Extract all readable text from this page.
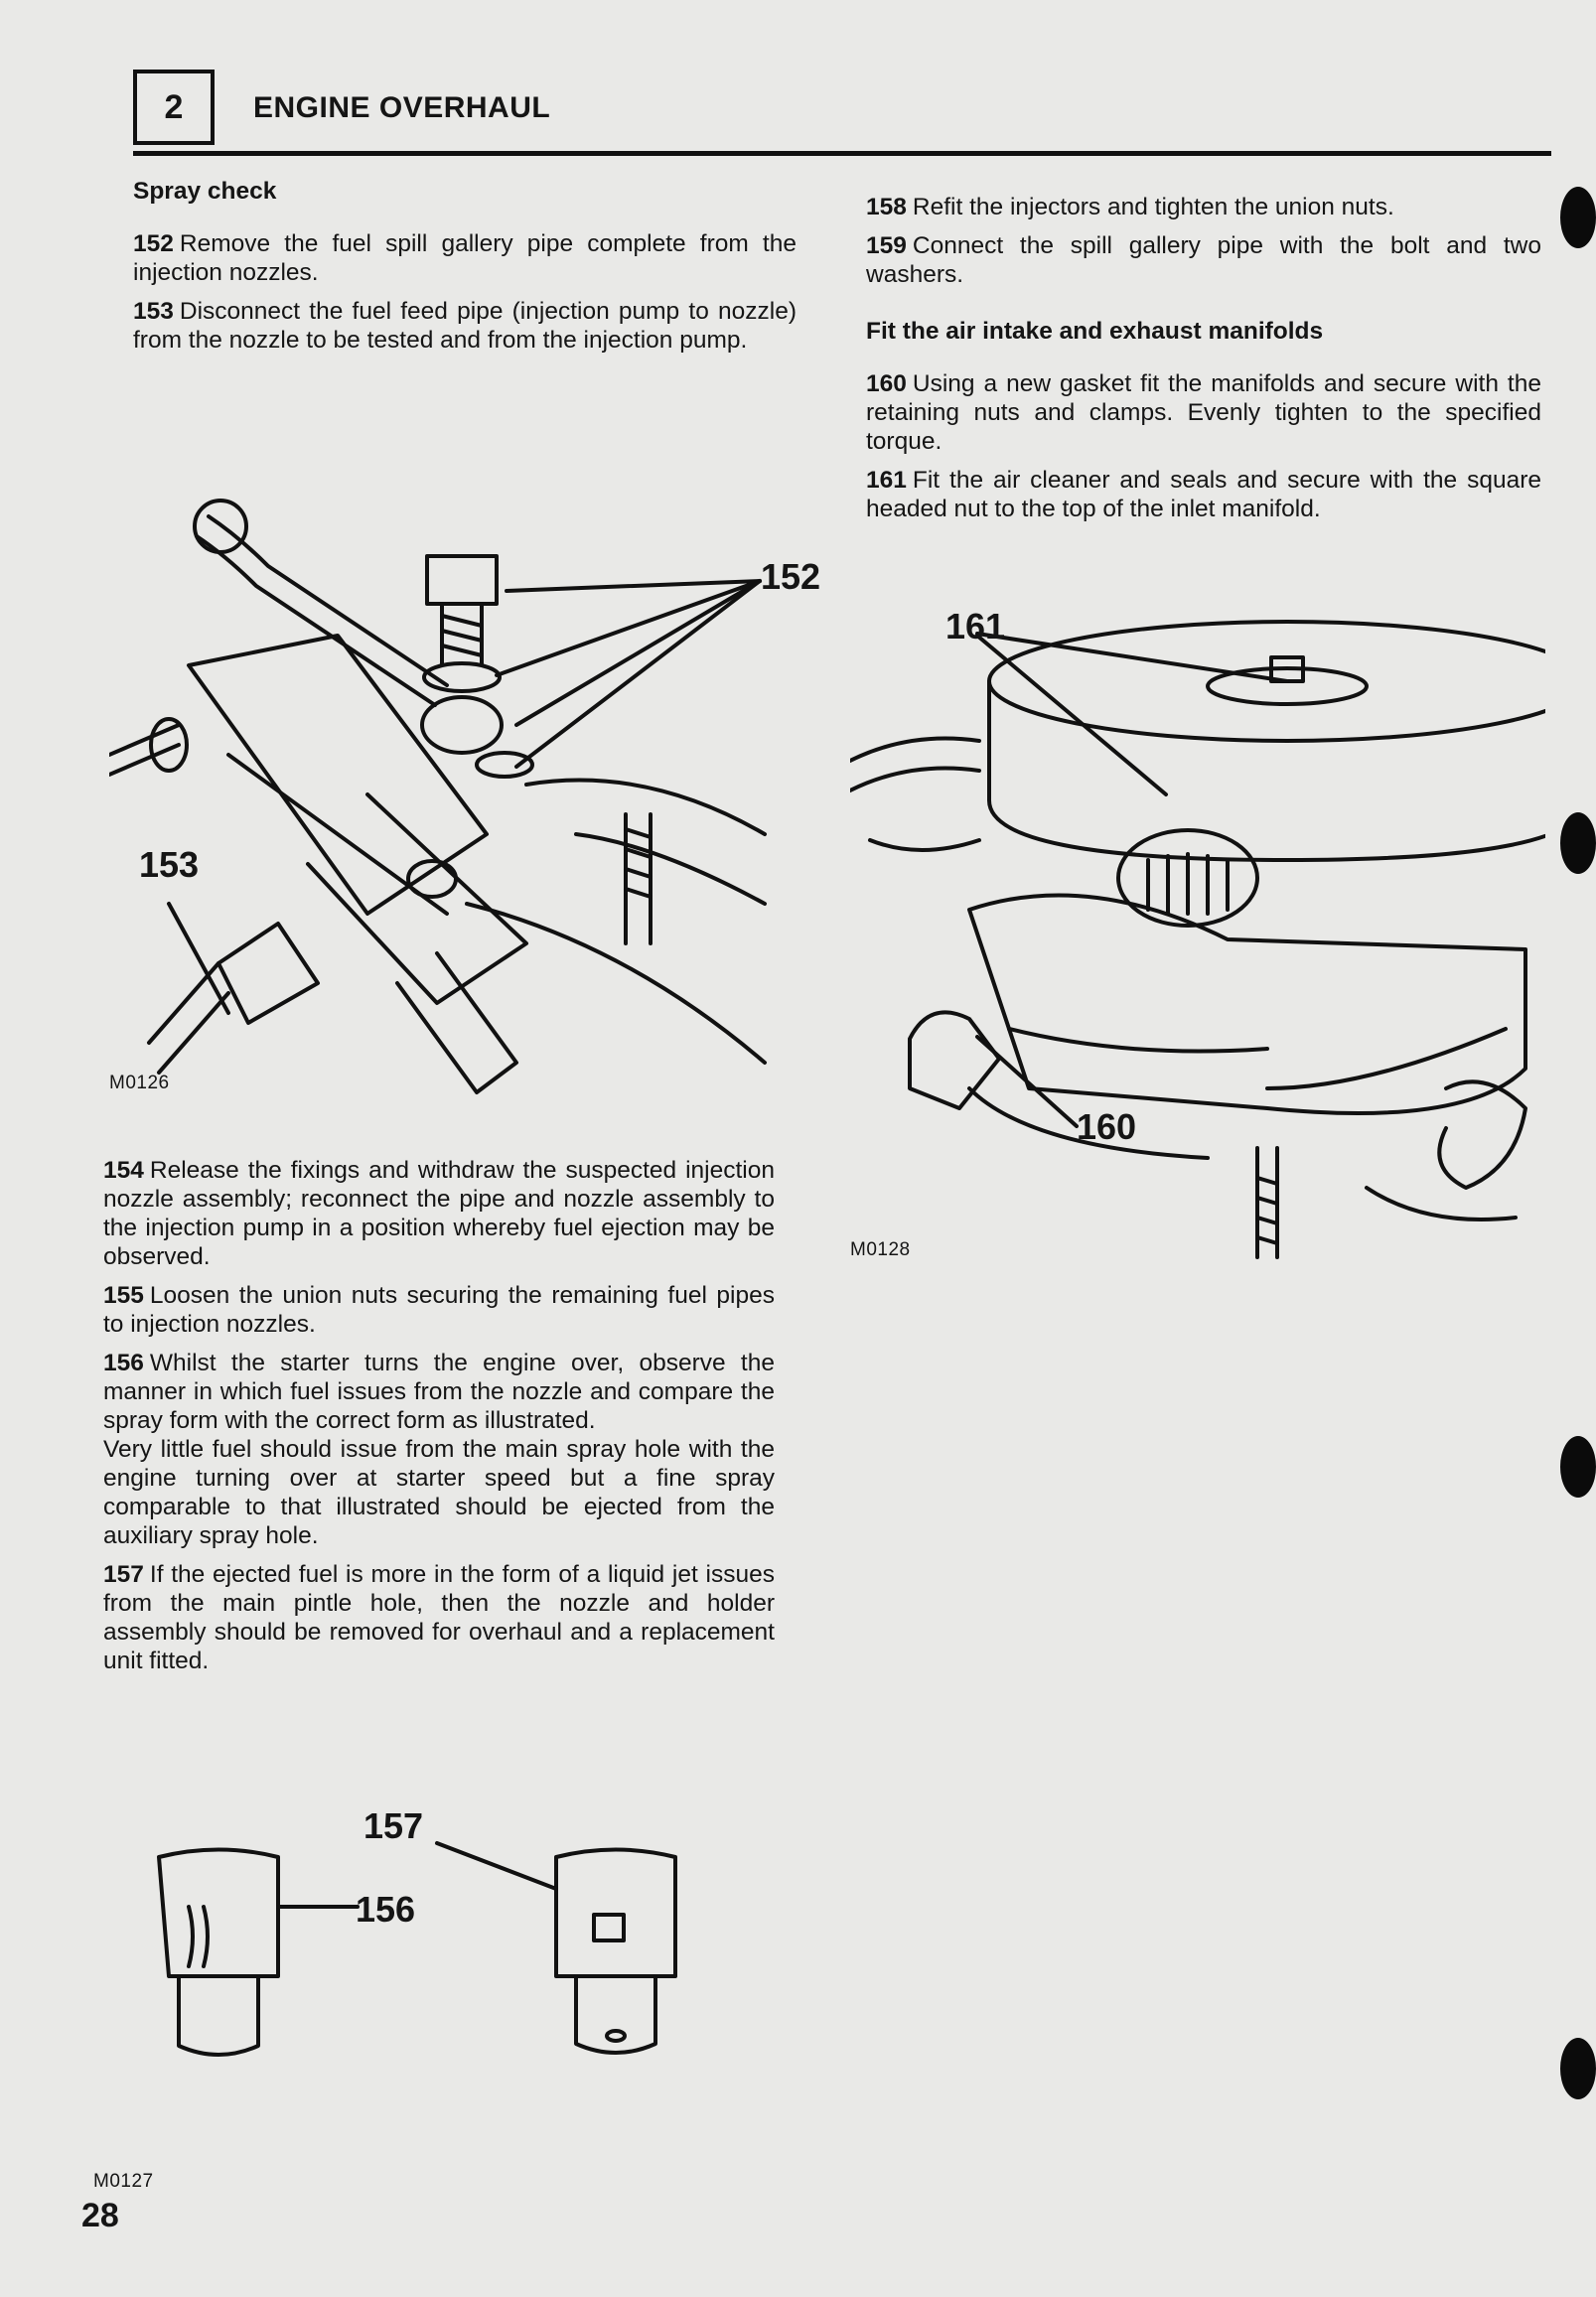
2 ENGINE OVERHAUL
Spray check

152 Remove the fuel spill gallery pipe complete from the injection nozzles.

153 Disconnect the fuel feed pipe (injection pump to nozzle) from the nozzle to be tested and from the injection pump.

152
153
M0126

154 Release the fixings and withdraw the suspected injection nozzle assembly; reconnect the pipe and nozzle assembly to the injection pump in a position whereby fuel ejection may be observed.

155 Loosen the union nuts securing the remaining fuel pipes to injection nozzles.

156 Whilst the starter turns the engine over, observe the manner in which fuel issues from the nozzle and compare the spray form with the correct form as illustrated.

Very little fuel should issue from the main spray hole with the engine turning over at starter speed but a fine spray comparable to that illustrated should be ejected from the auxiliary spray hole.

157 If the ejected fuel is more in the form of a liquid jet issues from the main pintle hole, then the nozzle and holder assembly should be removed for overhaul and a replacement unit fitted.

157
156
M0127

158 Refit the injectors and tighten the union nuts.

159 Connect the spill gallery pipe with the bolt and two washers.

Fit the air intake and exhaust manifolds

160 Using a new gasket fit the manifolds and secure with the retaining nuts and clamps. Evenly tighten to the specified torque.

161 Fit the air cleaner and seals and secure with the square headed nut to the top of the inlet manifold.

161
160
M0128
28
